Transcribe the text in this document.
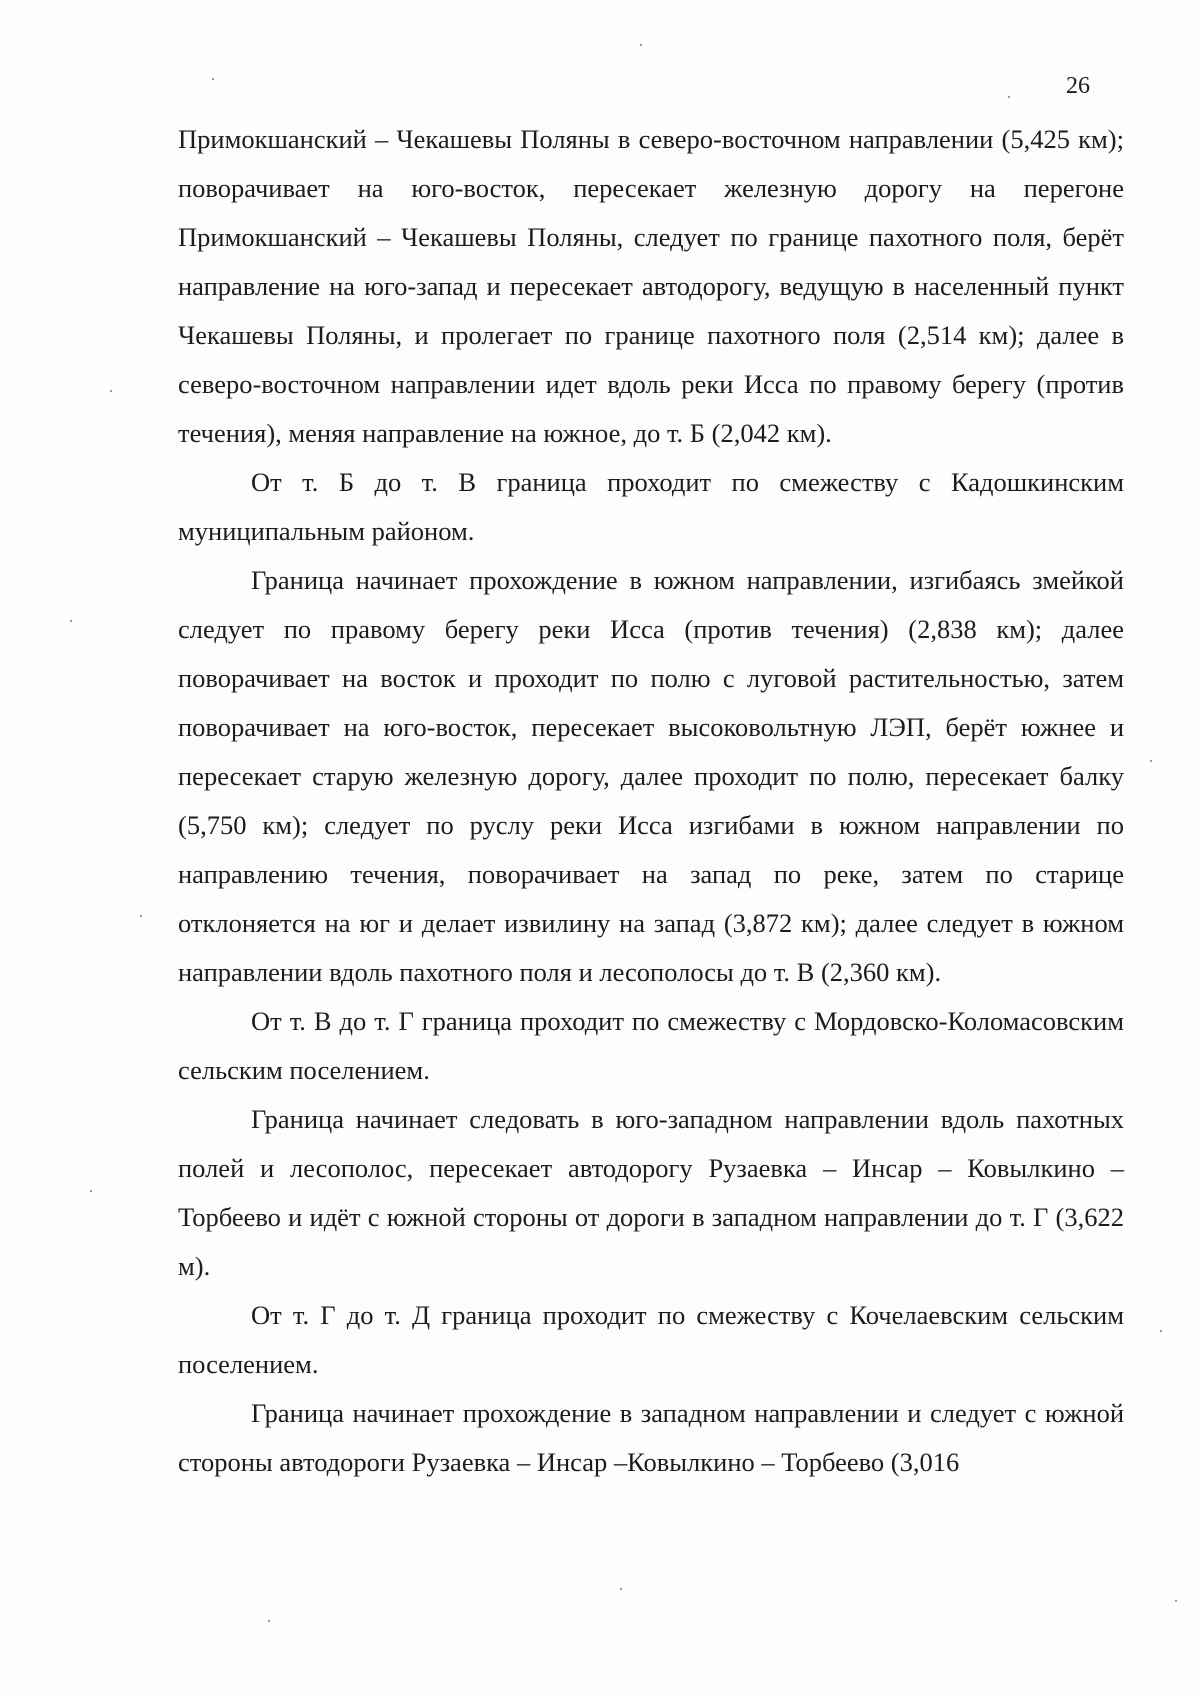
26

Примокшанский – Чекашевы Поляны в северо-восточном направлении (5,425 км); поворачивает на юго-восток, пересекает железную дорогу на перегоне Примокшанский – Чекашевы Поляны, следует по границе пахотного поля, берёт направление на юго-запад и пересекает автодорогу, ведущую в населенный пункт Чекашевы Поляны, и пролегает по границе пахотного поля (2,514 км); далее в северо-восточном направлении идет вдоль реки Исса по правому берегу (против течения), меняя направление на южное, до т. Б (2,042 км).

От т. Б до т. В граница проходит по смежеству с Кадошкинским муниципальным районом.

Граница начинает прохождение в южном направлении, изгибаясь змейкой следует по правому берегу реки Исса (против течения) (2,838 км); далее поворачивает на восток и проходит по полю с луговой растительностью, затем поворачивает на юго-восток, пересекает высоковольтную ЛЭП, берёт южнее и пересекает старую железную дорогу, далее проходит по полю, пересекает балку (5,750 км); следует по руслу реки Исса изгибами в южном направлении по направлению течения, поворачивает на запад по реке, затем по старице отклоняется на юг и делает извилину на запад (3,872 км); далее следует в южном направлении вдоль пахотного поля и лесополосы до т. В (2,360 км).

От т. В до т. Г граница проходит по смежеству с Мордовско-Коломасовским сельским поселением.

Граница начинает следовать в юго-западном направлении вдоль пахотных полей и лесополос, пересекает автодорогу Рузаевка – Инсар – Ковылкино – Торбеево и идёт с южной стороны от дороги в западном направлении до т. Г (3,622 м).

От т. Г до т. Д граница проходит по смежеству с Кочелаевским сельским поселением.

Граница начинает прохождение в западном направлении и следует с южной стороны автодороги Рузаевка – Инсар –Ковылкино – Торбеево (3,016
